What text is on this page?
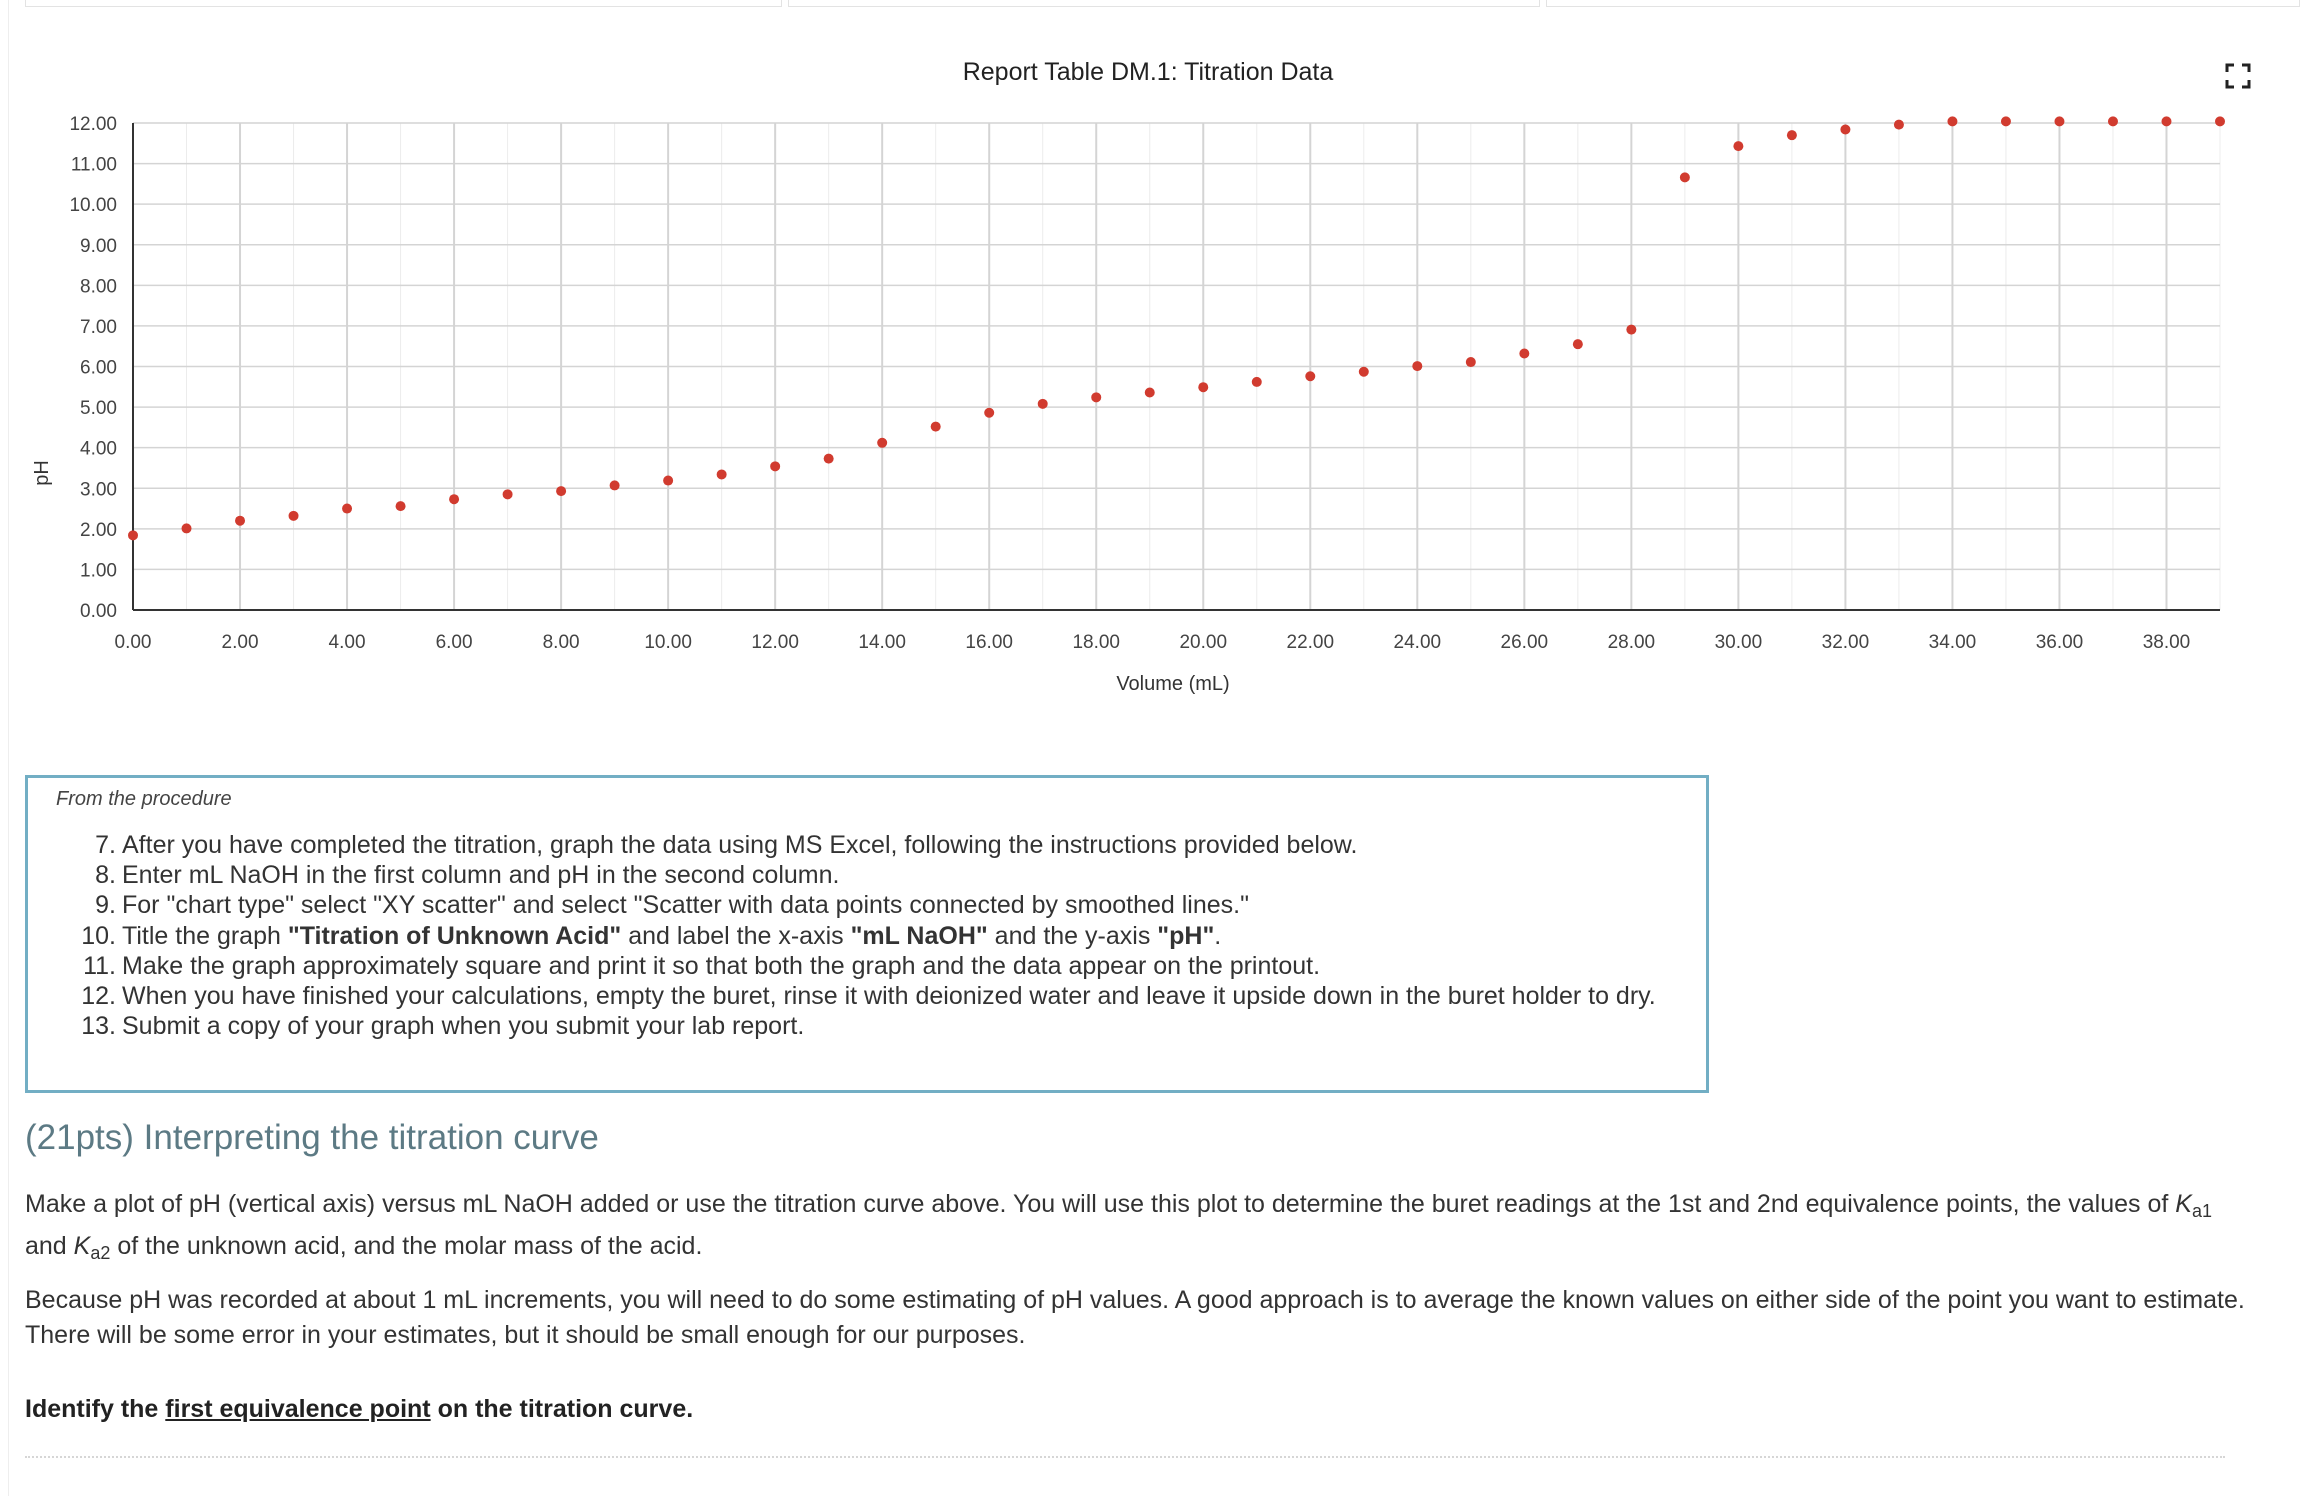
Report Table DM.1: Titration Data
0.00
1.00
2.00
3.00
4.00
5.00
6.00
7.00
8.00
9.00
10.00
11.00
12.00
0.00	2.00	4.00	6.00	8.00	10.00	12.00	14.00	16.00	18.00	20.00	22.00	24.00	26.00	28.00	30.00	32.00	34.00	36.00	38.00
Volume (mL)
pH
From the procedure
7. After you have completed the titration, graph the data using MS Excel, following the instructions provided below.
8. Enter mL NaOH in the first column and pH in the second column.
9. For "chart type" select "XY scatter" and select "Scatter with data points connected by smoothed lines."
10. Title the graph "Titration of Unknown Acid" and label the x-axis "mL NaOH" and the y-axis "pH".
11. Make the graph approximately square and print it so that both the graph and the data appear on the printout.
12. When you have finished your calculations, empty the buret, rinse it with deionized water and leave it upside down in the buret holder to dry.
13. Submit a copy of your graph when you submit your lab report.
(21pts) Interpreting the titration curve

Make a plot of pH (vertical axis) versus mL NaOH added or use the titration curve above. You will use this plot to determine the buret readings at the 1st and 2nd equivalence points, the values of $K_{a1}$
and $K_{a2}$ of the unknown acid, and the molar mass of the acid.

Because pH was recorded at about 1 mL increments, you will need to do some estimating of pH values. A good approach is to average the known values on either side of the point you want to estimate. There will be some error in your estimates, but it should be small enough for our purposes.

Identify the first equivalence point on the titration curve.
